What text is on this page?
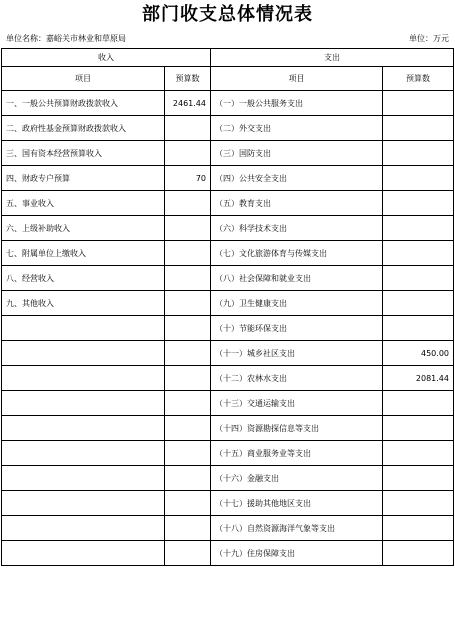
部门收支总体情况表
单位名称：嘉峪关市林业和草原局	单位：万元
收入		支出	
项目	预算数	项目	预算数
一、一般公共预算财政拨款收入	2461.44	（一）一般公共服务支出	
二、政府性基金预算财政拨款收入		（二）外交支出	
三、国有资本经营预算收入		（三）国防支出	
四、财政专户预算	70	（四）公共安全支出	
五、事业收入		（五）教育支出	
六、上级补助收入		（六）科学技术支出	
七、附属单位上缴收入		（七）文化旅游体育与传媒支出	
八、经营收入		（八）社会保障和就业支出	
九、其他收入		（九）卫生健康支出	
		（十）节能环保支出	
		（十一）城乡社区支出	450.00
		（十二）农林水支出	2081.44
		（十三）交通运输支出	
		（十四）资源勘探信息等支出	
		（十五）商业服务业等支出	
		（十六）金融支出	
		（十七）援助其他地区支出	
		（十八）自然资源海洋气象等支出	
		（十九）住房保障支出	
